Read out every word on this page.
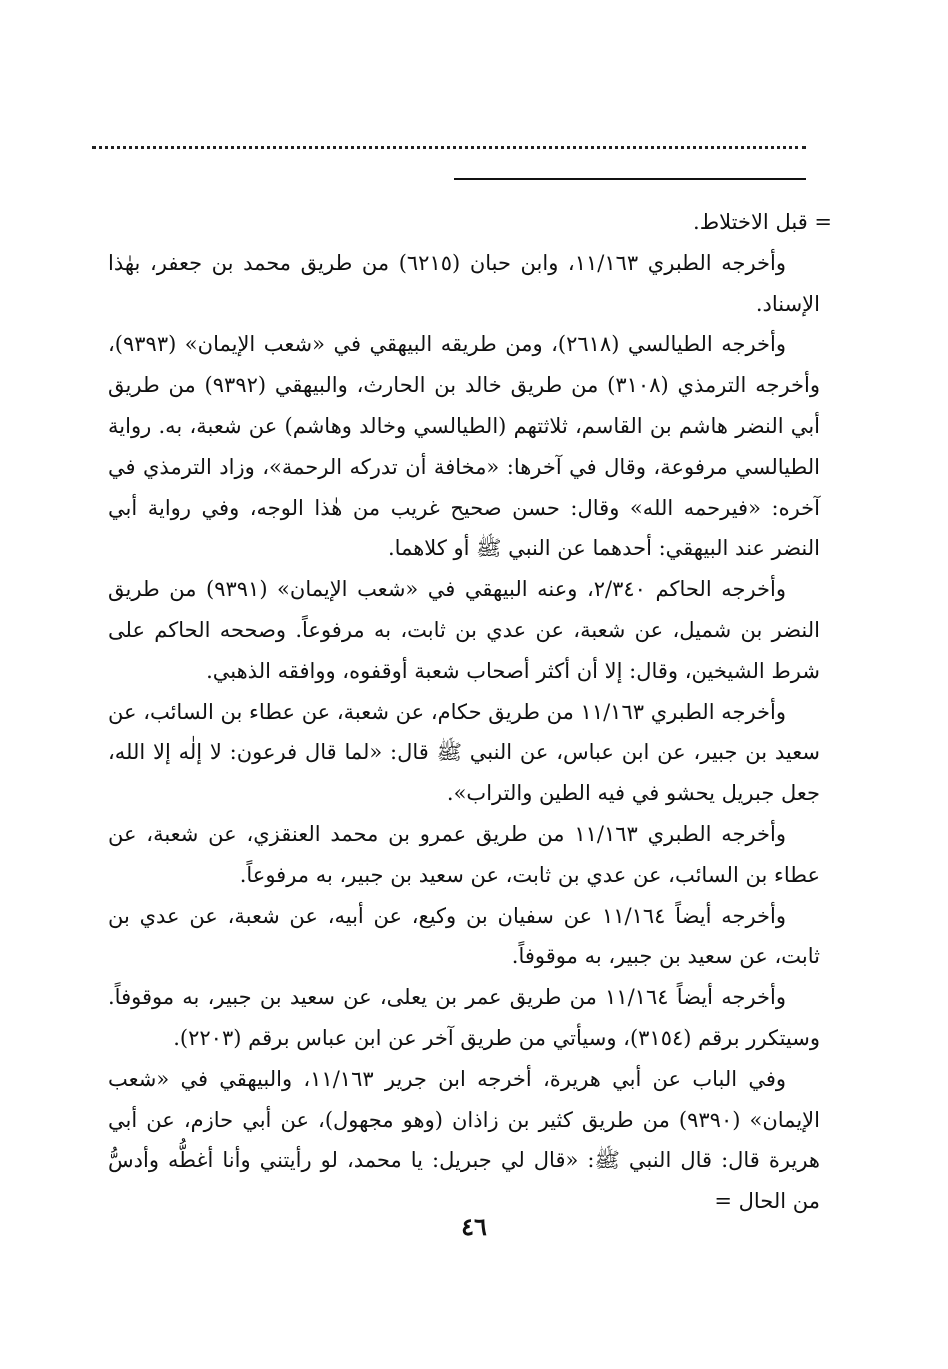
= قبل الاختلاط.

وأخرجه الطبري ١١/١٦٣، وابن حبان (٦٢١٥) من طريق محمد بن جعفر، بهٰذا الإسناد.

وأخرجه الطيالسي (٢٦١٨)، ومن طريقه البيهقي في «شعب الإيمان» (٩٣٩٣)، وأخرجه الترمذي (٣١٠٨) من طريق خالد بن الحارث، والبيهقي (٩٣٩٢) من طريق أبي النضر هاشم بن القاسم، ثلاثتهم (الطيالسي وخالد وهاشم) عن شعبة، به. رواية الطيالسي مرفوعة، وقال في آخرها: «مخافة أن تدركه الرحمة»، وزاد الترمذي في آخره: «فيرحمه الله» وقال: حسن صحيح غريب من هٰذا الوجه، وفي رواية أبي النضر عند البيهقي: أحدهما عن النبي ﷺ أو كلاهما.

وأخرجه الحاكم ٢/٣٤٠، وعنه البيهقي في «شعب الإيمان» (٩٣٩١) من طريق النضر بن شميل، عن شعبة، عن عدي بن ثابت، به مرفوعاً. وصححه الحاكم على شرط الشيخين، وقال: إلا أن أكثر أصحاب شعبة أوقفوه، ووافقه الذهبي.

وأخرجه الطبري ١١/١٦٣ من طريق حكام، عن شعبة، عن عطاء بن السائب، عن سعيد بن جبير، عن ابن عباس، عن النبي ﷺ قال: «لما قال فرعون: لا إلٰه إلا الله، جعل جبريل يحشو في فيه الطين والتراب».

وأخرجه الطبري ١١/١٦٣ من طريق عمرو بن محمد العنقزي، عن شعبة، عن عطاء بن السائب، عن عدي بن ثابت، عن سعيد بن جبير، به مرفوعاً.

وأخرجه أيضاً ١١/١٦٤ عن سفيان بن وكيع، عن أبيه، عن شعبة، عن عدي بن ثابت، عن سعيد بن جبير، به موقوفاً.

وأخرجه أيضاً ١١/١٦٤ من طريق عمر بن يعلى، عن سعيد بن جبير، به موقوفاً. وسيتكرر برقم (٣١٥٤)، وسيأتي من طريق آخر عن ابن عباس برقم (٢٢٠٣).

وفي الباب عن أبي هريرة، أخرجه ابن جرير ١١/١٦٣، والبيهقي في «شعب الإيمان» (٩٣٩٠) من طريق كثير بن زاذان (وهو مجهول)، عن أبي حازم، عن أبي هريرة قال: قال النبي ﷺ: «قال لي جبريل: يا محمد، لو رأيتني وأنا أغطُّه وأدسُّ من الحال =

٤٦
